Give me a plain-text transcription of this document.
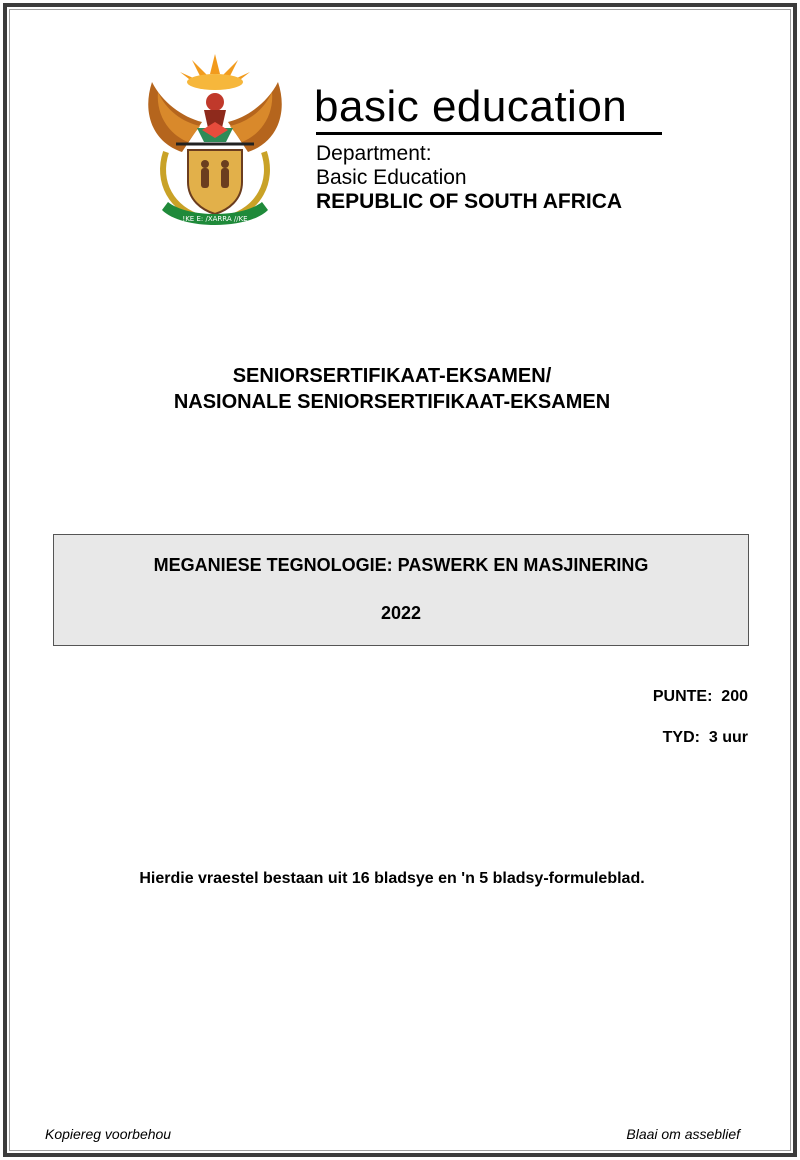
!KE E: /XARRA //KE
basic education
Department:
Basic Education
REPUBLIC OF SOUTH AFRICA
SENIORSERTIFIKAAT-EKSAMEN/
NASIONALE SENIORSERTIFIKAAT-EKSAMEN
MEGANIESE TEGNOLOGIE: PASWERK EN MASJINERING
2022
PUNTE:  200
TYD:  3 uur
Hierdie vraestel bestaan uit 16 bladsye en 'n 5 bladsy-formuleblad.
Kopiereg voorbehou	Blaai om asseblief
